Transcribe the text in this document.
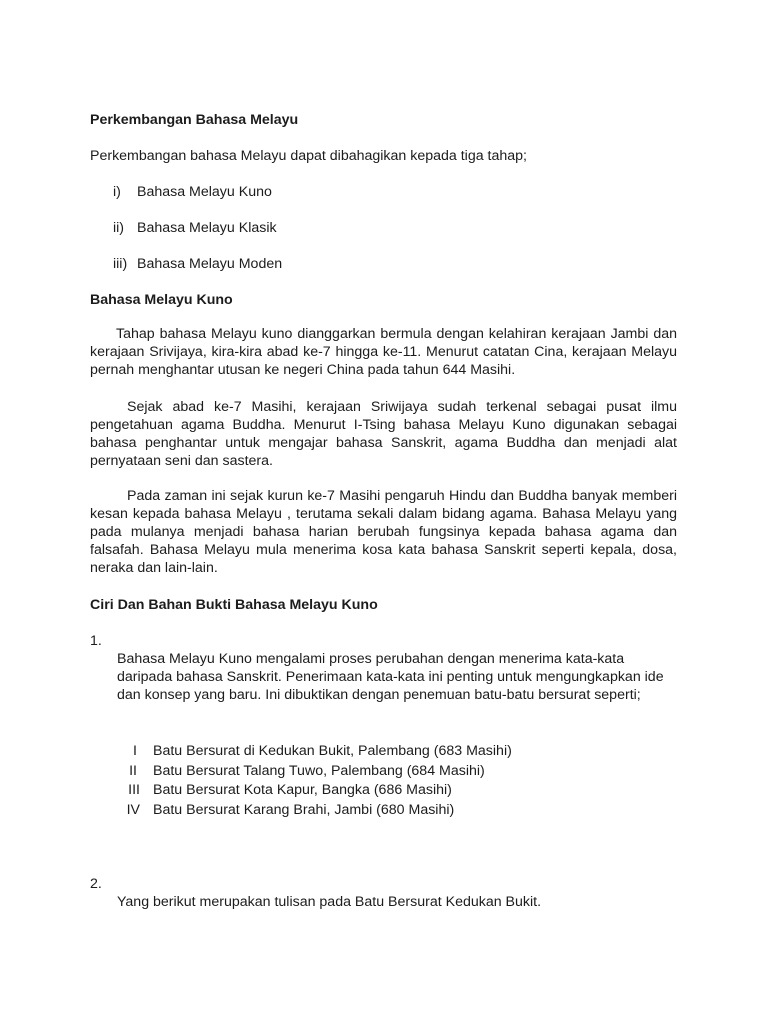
Perkembangan Bahasa Melayu
Perkembangan bahasa Melayu dapat dibahagikan kepada tiga tahap;
i) Bahasa Melayu Kuno
ii) Bahasa Melayu Klasik
iii) Bahasa Melayu Moden
Bahasa Melayu Kuno
Tahap bahasa Melayu kuno dianggarkan bermula dengan kelahiran kerajaan Jambi dan kerajaan Srivijaya, kira-kira abad ke-7 hingga ke-11. Menurut catatan Cina, kerajaan Melayu pernah menghantar utusan ke negeri China pada tahun 644 Masihi.
Sejak abad ke-7 Masihi, kerajaan Sriwijaya sudah terkenal sebagai pusat ilmu pengetahuan agama Buddha. Menurut I-Tsing bahasa Melayu Kuno digunakan sebagai bahasa penghantar untuk mengajar bahasa Sanskrit, agama Buddha dan menjadi alat pernyataan seni dan sastera.
Pada zaman ini sejak kurun ke-7 Masihi pengaruh Hindu dan Buddha banyak memberi kesan kepada bahasa Melayu , terutama sekali dalam bidang agama. Bahasa Melayu yang pada mulanya menjadi bahasa harian berubah fungsinya kepada bahasa agama dan falsafah. Bahasa Melayu mula menerima kosa kata bahasa Sanskrit seperti kepala, dosa, neraka dan lain-lain.
Ciri Dan Bahan Bukti Bahasa Melayu Kuno
1.
Bahasa Melayu Kuno mengalami proses perubahan dengan menerima kata-kata daripada bahasa Sanskrit. Penerimaan kata-kata ini penting untuk mengungkapkan ide dan konsep yang baru. Ini dibuktikan dengan penemuan batu-batu bersurat seperti;
I Batu Bersurat di Kedukan Bukit, Palembang (683 Masihi)
II Batu Bersurat Talang Tuwo, Palembang (684 Masihi)
III Batu Bersurat Kota Kapur, Bangka (686 Masihi)
IV Batu Bersurat Karang Brahi, Jambi (680 Masihi)
2.
Yang berikut merupakan tulisan pada Batu Bersurat Kedukan Bukit.
